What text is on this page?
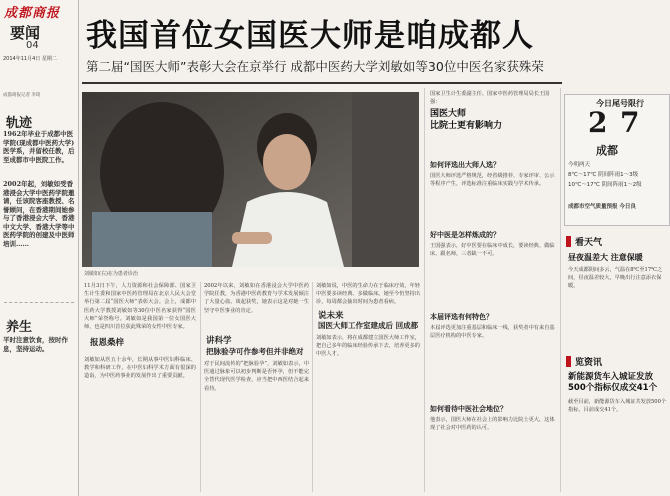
成都商报
要闻
04
2014年11月4日 星期二
成都商报记者 李琦
轨迹
1962年毕业于成都中医学院(现成都中医药大学)医学系，并留校任教，后至成都市中医院工作。
2002年起，刘敏如受香港浸会大学中医药学院邀请，任该院客座教授、名誉顾问，在香港期间她参与了香港浸会大学、香港中文大学、香港大学等中医药学院的创建及中医师培训……
养生
平时注意饮食，按时作息，坚持运动。
我国首位女国医大师是咱成都人
第二届“国医大师”表彰大会在京举行 成都中医药大学刘敏如等30位中医名家获殊荣
刘敏如(右)在为患者诊治
11月3日下午，人力资源和社会保障部、国家卫生计生委和国家中医药管理局在北京人民大会堂举行第二届“国医大师”表彰大会。会上，成都中医药大学教授刘敏如等30位中医名家获得“国医大师”荣誉称号。刘敏如是我国第一位女国医大师，也是四川首位获此殊荣的女性中医专家。
报恩桑梓
刘敏如从医五十余年，长期从事中医妇科临床、教学和科研工作，在中医妇科学术方面有很深的造诣，为中医药事业的发展作出了重要贡献。
2002年以来，刘敏如在香港浸会大学中医药学院任教，为香港中医药教育与学术发展倾注了大量心血。谈起获奖，她表示这是对她一生坚守中医事业的肯定。
讲科学
把脉验孕可作参考但并非绝对
对于民间流传的“把脉验孕”，刘敏如表示，中医通过脉象可以初步判断是否怀孕，但不能完全替代现代医学检查，应当把中西医结合起来看待。
刘敏如说，中医的生命力在于临床疗效，年轻中医要多读经典、多做临床。她至今仍坚持出诊，每周都会抽出时间为患者看病。
说未来
国医大师工作室建成后 回成都
刘敏如表示，将在成都建立国医大师工作室，把自己多年的临床经验传承下去，培养更多的中医人才。
国家卫生计生委副主任、国家中医药管理局局长王国强：
国医大师
比院士更有影响力
如何评选出大师人选？
国医大师评选严格规范，经省级推荐、专家评审、公示等程序产生，评选标准注重临床实践与学术传承。
好中医是怎样炼成的？
王国强表示，好中医要在临床中成长，要读经典、做临床、跟名师，三者缺一不可。
本届评选有何特色？
本届评选更加注重基层和临床一线，获奖者中有来自基层医疗机构的中医专家。
如何看待中医社会地位？
他表示，国医大师在社会上的影响力比院士更大，这体现了社会对中医药的认可。
今日尾号限行
2 7
成都
今明两天
8℃～17℃ 阴间阵雨1～3级
10℃～17℃ 阴间阵雨1～2级
成都市空气质量预报 今日良
看天气
昼夜温差大 注意保暖
今天成都阴间多云，气温在8℃至17℃之间，昼夜温差较大，早晚出行注意添衣保暖。
览资讯
新能源货车入城证发放 500个指标仅成交41个
截至目前，新能源货车入城证共发放500个指标，目前成交41个。
